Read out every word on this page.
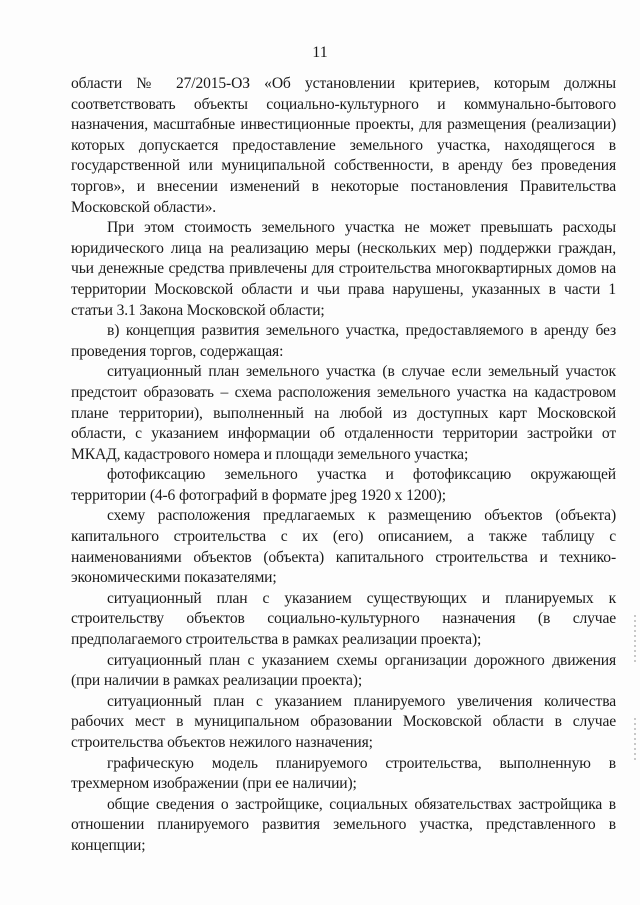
11

области № 27/2015-ОЗ «Об установлении критериев, которым должны соответствовать объекты социально-культурного и коммунально-бытового назначения, масштабные инвестиционные проекты, для размещения (реализации) которых допускается предоставление земельного участка, находящегося в государственной или муниципальной собственности, в аренду без проведения торгов», и внесении изменений в некоторые постановления Правительства Московской области».

При этом стоимость земельного участка не может превышать расходы юридического лица на реализацию меры (нескольких мер) поддержки граждан, чьи денежные средства привлечены для строительства многоквартирных домов на территории Московской области и чьи права нарушены, указанных в части 1 статьи 3.1 Закона Московской области;

в) концепция развития земельного участка, предоставляемого в аренду без проведения торгов, содержащая:

ситуационный план земельного участка (в случае если земельный участок предстоит образовать – схема расположения земельного участка на кадастровом плане территории), выполненный на любой из доступных карт Московской области, с указанием информации об отдаленности территории застройки от МКАД, кадастрового номера и площади земельного участка;

фотофиксацию земельного участка и фотофиксацию окружающей территории (4-6 фотографий в формате jpeg 1920 х 1200);

схему расположения предлагаемых к размещению объектов (объекта) капитального строительства с их (его) описанием, а также таблицу с наименованиями объектов (объекта) капитального строительства и технико-экономическими показателями;

ситуационный план с указанием существующих и планируемых к строительству объектов социально-культурного назначения (в случае предполагаемого строительства в рамках реализации проекта);

ситуационный план с указанием схемы организации дорожного движения (при наличии в рамках реализации проекта);

ситуационный план с указанием планируемого увеличения количества рабочих мест в муниципальном образовании Московской области в случае строительства объектов нежилого назначения;

графическую модель планируемого строительства, выполненную в трехмерном изображении (при ее наличии);

общие сведения о застройщике, социальных обязательствах застройщика в отношении планируемого развития земельного участка, представленного в концепции;
